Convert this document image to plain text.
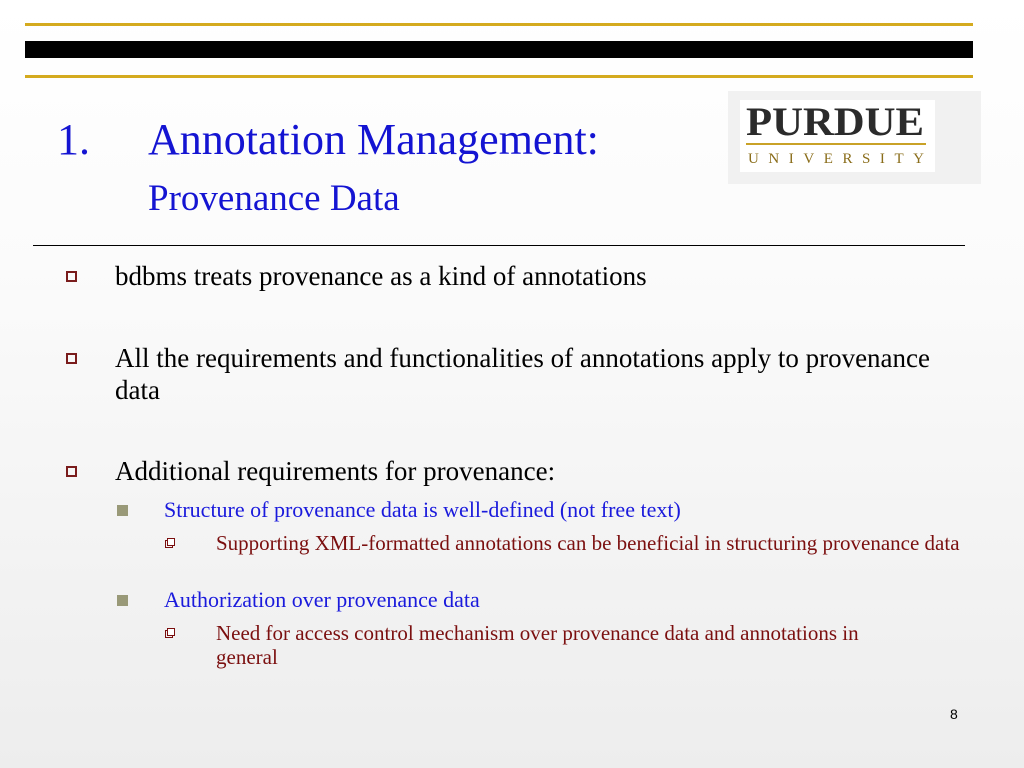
1. Annotation Management:
Provenance Data
PURDUE
UNIVERSITY
bdbms treats provenance as a kind of annotations
All the requirements and functionalities of annotations apply to provenance data
Additional requirements for provenance:
Structure of provenance data is well-defined (not free text)
Supporting XML-formatted annotations can be beneficial in structuring provenance data
Authorization over provenance data
Need for access control mechanism over provenance data and annotations in general
8
